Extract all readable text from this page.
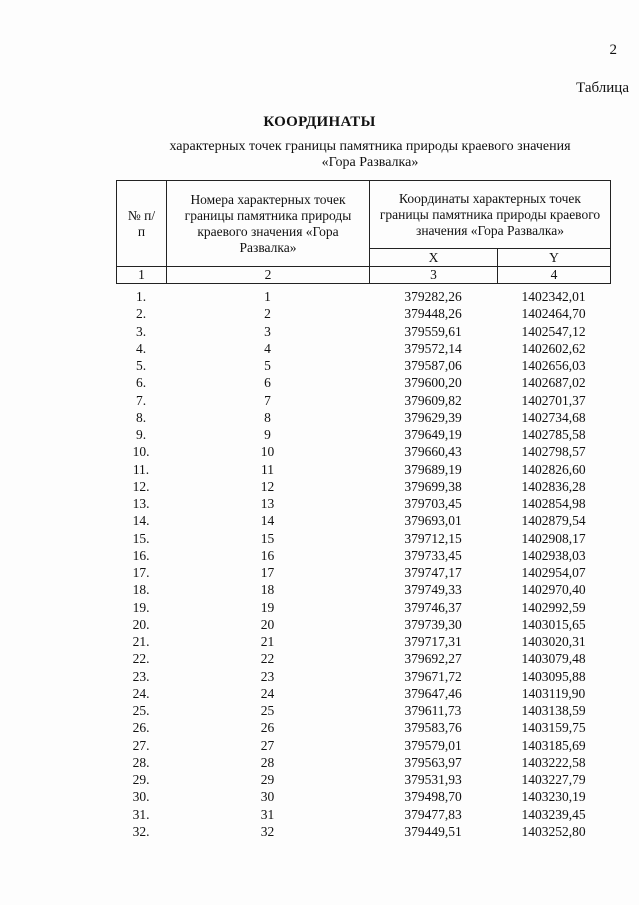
2
Таблица
КООРДИНАТЫ
характерных точек границы памятника природы краевого значения
«Гора Развалка»
№ п/п	Номера характерных точек границы памятника природы краевого значения «Гора Развалка»	Координаты характерных точек границы памятника природы краевого значения «Гора Развалка»	
		X	Y
1	2	3	4
1.	1	379282,26	1402342,01
2.	2	379448,26	1402464,70
3.	3	379559,61	1402547,12
4.	4	379572,14	1402602,62
5.	5	379587,06	1402656,03
6.	6	379600,20	1402687,02
7.	7	379609,82	1402701,37
8.	8	379629,39	1402734,68
9.	9	379649,19	1402785,58
10.	10	379660,43	1402798,57
11.	11	379689,19	1402826,60
12.	12	379699,38	1402836,28
13.	13	379703,45	1402854,98
14.	14	379693,01	1402879,54
15.	15	379712,15	1402908,17
16.	16	379733,45	1402938,03
17.	17	379747,17	1402954,07
18.	18	379749,33	1402970,40
19.	19	379746,37	1402992,59
20.	20	379739,30	1403015,65
21.	21	379717,31	1403020,31
22.	22	379692,27	1403079,48
23.	23	379671,72	1403095,88
24.	24	379647,46	1403119,90
25.	25	379611,73	1403138,59
26.	26	379583,76	1403159,75
27.	27	379579,01	1403185,69
28.	28	379563,97	1403222,58
29.	29	379531,93	1403227,79
30.	30	379498,70	1403230,19
31.	31	379477,83	1403239,45
32.	32	379449,51	1403252,80
